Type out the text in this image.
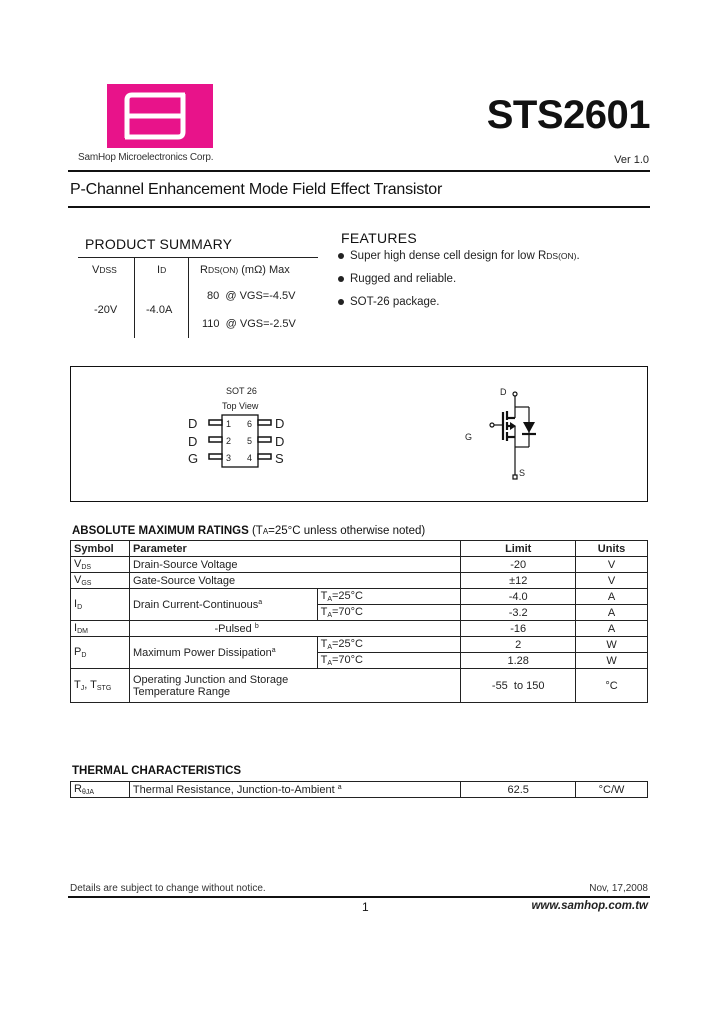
SamHop Microelectronics Corp.
STS2601
Ver 1.0
P-Channel Enhancement Mode Field Effect Transistor
PRODUCT SUMMARY
VDSS	ID	RDS(ON) (mΩ) Max
-20V	-4.0A
80  @ VGS=-4.5V
110  @ VGS=-2.5V
FEATURES
Super high dense cell design for low R DS(ON) .
Rugged and reliable.
SOT-26 package.
SOT 26
Top View
D
D
G
1
2
3
6
5
4
D
D
S
D
G
S
ABSOLUTE MAXIMUM RATINGS (TA=25°C unless otherwise noted)
Symbol	Parameter		Limit	Units
$V_{DS}$	Drain-Source Voltage		-20	V
$V_{GS}$	Gate-Source Voltage		±12	V
$I_D$	Drain Current-Continuous$^a$	$T_A=25^\circ C$	-4.0	A
		$T_A=70^\circ C$	-3.2	A
$I_{DM}$	-Pulsed $^b$		-16	A
$P_D$	Maximum Power Dissipation$^a$	$T_A=25^\circ C$	2	W
		$T_A=70^\circ C$	1.28	W
$T_J$, $T_{STG}$	Operating Junction and Storage
Temperature Range		-55  to 150	°C
THERMAL CHARACTERISTICS
$R_{\theta JA}$	Thermal Resistance, Junction-to-Ambient $^a$	62.5	°C/W
Details are subject to change without notice.	Nov, 17,2008
1	www.samhop.com.tw
